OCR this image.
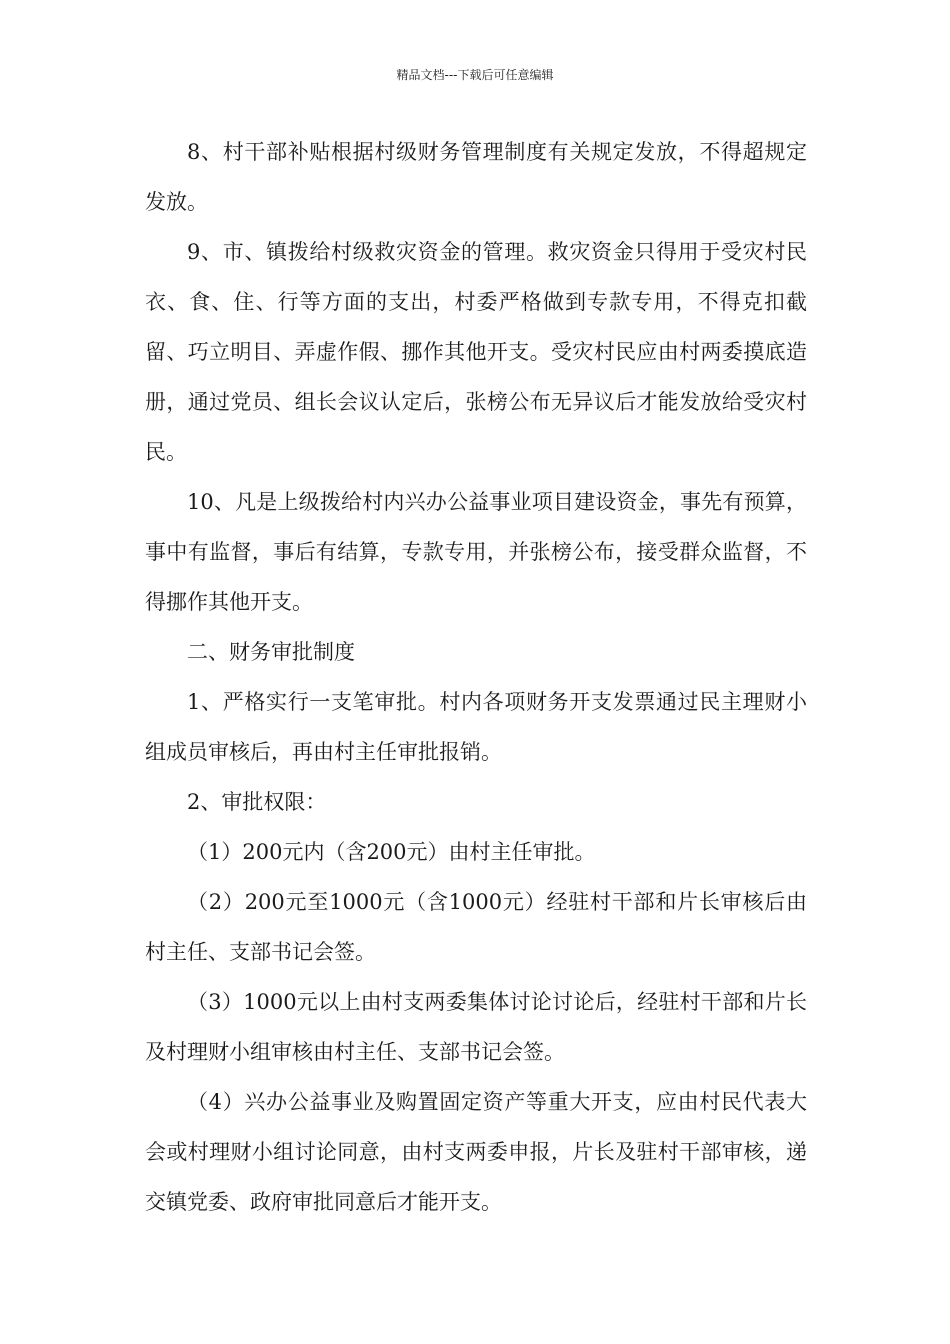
精品文档---下载后可任意编辑

8、村干部补贴根据村级财务管理制度有关规定发放，不得超规定发放。

9、市、镇拨给村级救灾资金的管理。救灾资金只得用于受灾村民衣、食、住、行等方面的支出，村委严格做到专款专用，不得克扣截留、巧立明目、弄虚作假、挪作其他开支。受灾村民应由村两委摸底造册，通过党员、组长会议认定后，张榜公布无异议后才能发放给受灾村民。

10、凡是上级拨给村内兴办公益事业项目建设资金，事先有预算，事中有监督，事后有结算，专款专用，并张榜公布，接受群众监督，不得挪作其他开支。

二、财务审批制度

1、严格实行一支笔审批。村内各项财务开支发票通过民主理财小组成员审核后，再由村主任审批报销。

2、审批权限：

（1）200元内（含200元）由村主任审批。

（2）200元至1000元（含1000元）经驻村干部和片长审核后由村主任、支部书记会签。

（3）1000元以上由村支两委集体讨论讨论后，经驻村干部和片长及村理财小组审核由村主任、支部书记会签。

（4）兴办公益事业及购置固定资产等重大开支，应由村民代表大会或村理财小组讨论同意，由村支两委申报，片长及驻村干部审核，递交镇党委、政府审批同意后才能开支。
